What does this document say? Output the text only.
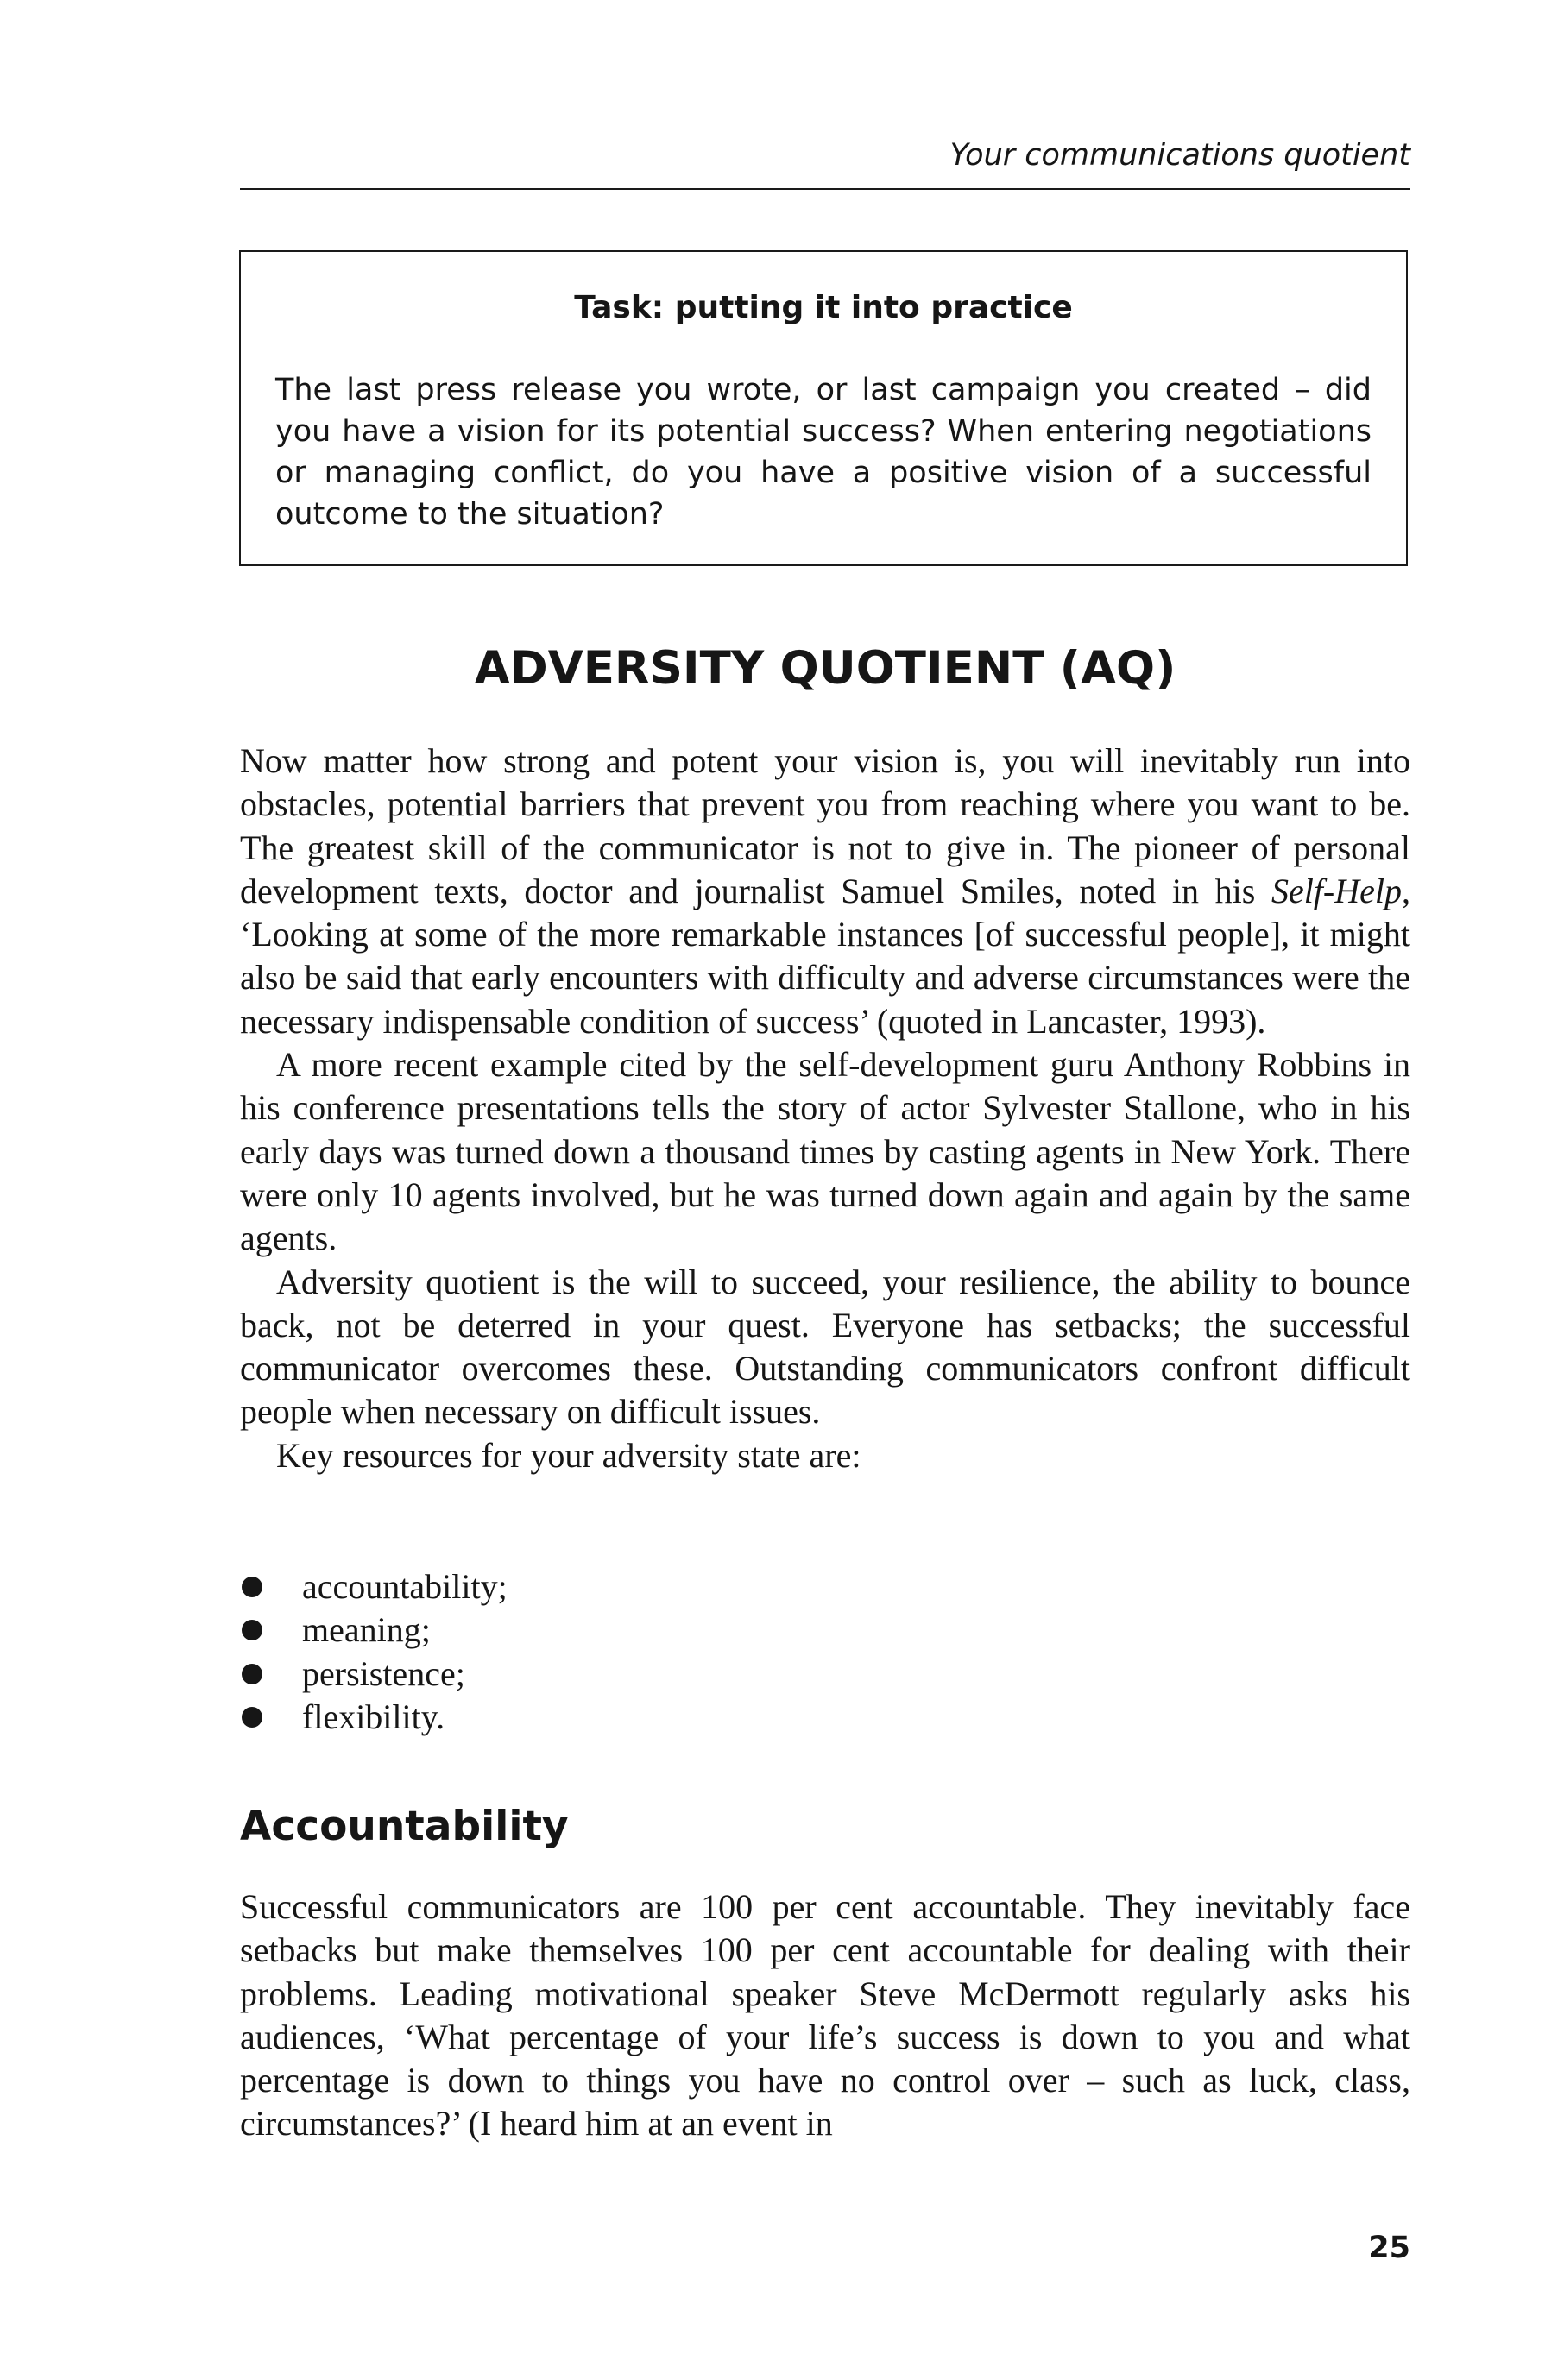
Your communications quotient
Task: putting it into practice

The last press release you wrote, or last campaign you created – did you have a vision for its potential success? When entering negotiations or managing conflict, do you have a positive vision of a successful outcome to the situation?

ADVERSITY QUOTIENT (AQ)

Now matter how strong and potent your vision is, you will inevitably run into obstacles, potential barriers that prevent you from reaching where you want to be. The greatest skill of the communicator is not to give in. The pioneer of personal development texts, doctor and journalist Samuel Smiles, noted in his Self-Help, ‘Looking at some of the more remarkable instances [of successful people], it might also be said that early encounters with difficulty and adverse circumstances were the necessary indispensable condition of success’ (quoted in Lancaster, 1993).

A more recent example cited by the self-development guru Anthony Robbins in his conference presentations tells the story of actor Sylvester Stallone, who in his early days was turned down a thousand times by casting agents in New York. There were only 10 agents involved, but he was turned down again and again by the same agents.

Adversity quotient is the will to succeed, your resilience, the ability to bounce back, not be deterred in your quest. Everyone has setbacks; the successful communicator overcomes these. Outstanding communicators confront difficult people when necessary on difficult issues.

Key resources for your adversity state are:

accountability;
meaning;
persistence;
flexibility.
Accountability

Successful communicators are 100 per cent accountable. They inevitably face setbacks but make themselves 100 per cent accountable for dealing with their problems. Leading motivational speaker Steve McDermott regularly asks his audiences, ‘What percentage of your life’s success is down to you and what percentage is down to things you have no control over – such as luck, class, circumstances?’ (I heard him at an event in

25
